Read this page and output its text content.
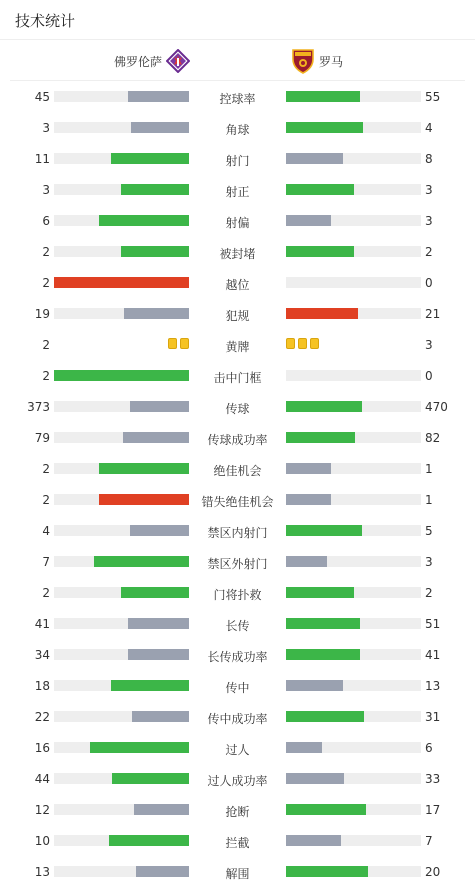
技术统计
佛罗伦萨	罗马
45	控球率	55
3	角球	4
11	射门	8
3	射正	3
6	射偏	3
2	被封堵	2
2	越位	0
19	犯规	21
2	黄牌	3
2	击中门框	0
373	传球	470
79	传球成功率	82
2	绝佳机会	1
2	错失绝佳机会	1
4	禁区内射门	5
7	禁区外射门	3
2	门将扑救	2
41	长传	51
34	长传成功率	41
18	传中	13
22	传中成功率	31
16	过人	6
44	过人成功率	33
12	抢断	17
10	拦截	7
13	解围	20
